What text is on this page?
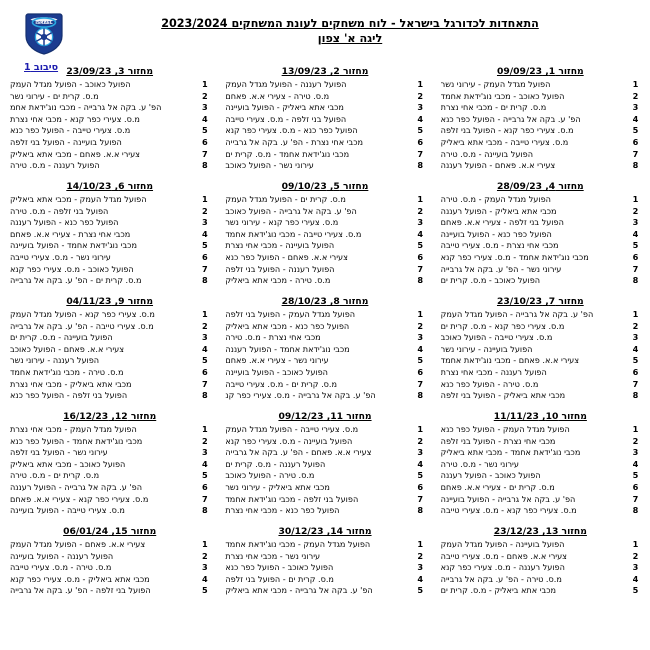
התאחדות לכדורגל בישראל - לוח משחקים לעונת המשחקים 2023/2024
ליגה א' צפון
ISRAEL
סיבוב 1	מחזור 1, 09/09/23
1
הפועל מגדל העמק - עירוני נשר
2
הפועל כאוכב - מכבי נוג'ידאת אחמד
3
מ.ס. קרית ים - מכבי אחי נצרת
4
הפ' ע. בקה אל גרבייה - הפועל כפר כנא
5
מ.ס. צעירי כפר קנא - הפועל בני זלפה
6
מ.ס. צעירי טייבה - מכבי אתא ביאליק
7
הפועל בועיינה - מ.ס. טירה
8
צעירי א.א. פאחם - הפועל רעננה
מחזור 2, 13/09/23
1
הפועל רעננה - הפועל מגדל העמק
2
מ.ס. טירה - צעירי א.א. פאחם
3
מכבי אתא ביאליק - הפועל בועיינה
4
הפועל בני זלפה - מ.ס. צעירי טייבה
5
הפועל כפר כנא - מ.ס. צעירי כפר קנא
6
מכבי אחי נצרת - הפ' ע. בקה אל גרבייה
7
מכבי נוג'ידאת אחמד - מ.ס. קרית ים
8
עירוני נשר - הפועל כאוכב
מחזור 3, 23/09/23
1
הפועל כאוכב - הפועל מגדל העמק
2
מ.ס. קרית ים - עירוני נשר
3
הפ' ע. בקה אל גרבייה - מכבי נוג'ידאת אחמ
4
מ.ס. צעירי כפר קנא - מכבי אחי נצרת
5
מ.ס. צעירי טייבה - הפועל כפר כנא
6
הפועל בועיינה - הפועל בני זלפה
7
צעירי א.א. פאחם - מכבי אתא ביאליק
8
הפועל רעננה - מ.ס. טירה
מחזור 4, 28/09/23
1
הפועל מגדל העמק - מ.ס. טירה
2
מכבי אתא ביאליק - הפועל רעננה
3
הפועל בני זלפה - צעירי א.א. פאחם
4
הפועל כפר כנא - הפועל בועיינה
5
מכבי אחי נצרת - מ.ס. צעירי טייבה
6
מכבי נוג'ידאת אחמד - מ.ס. צעירי כפר קנא
7
עירוני נשר - הפ' ע. בקה אל גרבייה
8
הפועל כאוכב - מ.ס. קרית ים
מחזור 5, 09/10/23
1
מ.ס. קרית ים - הפועל מגדל העמק
2
הפ' ע. בקה אל גרבייה - הפועל כאוכב
3
מ.ס. צעירי כפר קנא - עירוני נשר
4
מ.ס. צעירי טייבה - מכבי נוג'ידאת אחמד
5
הפועל בועיינה - מכבי אחי נצרת
6
צעירי א.א. פאחם - הפועל כפר כנא
7
הפועל רעננה - הפועל בני זלפה
8
מ.ס. טירה - מכבי אתא ביאליק
מחזור 6, 14/10/23
1
הפועל מגדל העמק - מכבי אתא ביאליק
2
הפועל בני זלפה - מ.ס. טירה
3
הפועל כפר כנא - הפועל רעננה
4
מכבי אחי נצרת - צעירי א.א. פאחם
5
מכבי נוג'ידאת אחמד - הפועל בועיינה
6
עירוני נשר - מ.ס. צעירי טייבה
7
הפועל כאוכב - מ.ס. צעירי כפר קנא
8
מ.ס. קרית ים - הפ' ע. בקה אל גרבייה
מחזור 7, 23/10/23
1
הפ' ע. בקה אל גרבייה - הפועל מגדל העמק
2
מ.ס. צעירי כפר קנא - מ.ס. קרית ים
3
מ.ס. צעירי טייבה - הפועל כאוכב
4
הפועל בועיינה - עירוני נשר
5
צעירי א.א. פאחם - מכבי נוג'ידאת אחמד
6
הפועל רעננה - מכבי אחי נצרת
7
מ.ס. טירה - הפועל כפר כנא
8
מכבי אתא ביאליק - הפועל בני זלפה
מחזור 8, 28/10/23
1
הפועל מגדל העמק - הפועל בני זלפה
2
הפועל כפר כנא - מכבי אתא ביאליק
3
מכבי אחי נצרת - מ.ס. טירה
4
מכבי נוג'ידאת אחמד - הפועל רעננה
5
עירוני נשר - צעירי א.א. פאחם
6
הפועל כאוכב - הפועל בועיינה
7
מ.ס. קרית ים - מ.ס. צעירי טייבה
8
הפ' ע. בקה אל גרבייה - מ.ס. צעירי כפר קנ
מחזור 9, 04/11/23
1
מ.ס. צעירי כפר קנא - הפועל מגדל העמק
2
מ.ס. צעירי טייבה - הפ' ע. בקה אל גרבייה
3
הפועל בועיינה - מ.ס. קרית ים
4
צעירי א.א. פאחם - הפועל כאוכב
5
הפועל רעננה - עירוני נשר
6
מ.ס. טירה - מכבי נוג'ידאת אחמד
7
מכבי אתא ביאליק - מכבי אחי נצרת
8
הפועל בני זלפה - הפועל כפר כנא
מחזור 10, 11/11/23
1
הפועל מגדל העמק - הפועל כפר כנא
2
מכבי אחי נצרת - הפועל בני זלפה
3
מכבי נוג'ידאת אחמד - מכבי אתא ביאליק
4
עירוני נשר - מ.ס. טירה
5
הפועל כאוכב - הפועל רעננה
6
מ.ס. קרית ים - צעירי א.א. פאחם
7
הפ' ע. בקה אל גרבייה - הפועל בועיינה
8
מ.ס. צעירי כפר קנא - מ.ס. צעירי טייבה
מחזור 11, 09/12/23
1
מ.ס. צעירי טייבה - הפועל מגדל העמק
2
הפועל בועיינה - מ.ס. צעירי כפר קנא
3
צעירי א.א. פאחם - הפ' ע. בקה אל גרבייה
4
הפועל רעננה - מ.ס. קרית ים
5
מ.ס. טירה - הפועל כאוכב
6
מכבי אתא ביאליק - עירוני נשר
7
הפועל בני זלפה - מכבי נוג'ידאת אחמד
8
הפועל כפר כנא - מכבי אחי נצרת
מחזור 12, 16/12/23
1
הפועל מגדל העמק - מכבי אחי נצרת
2
מכבי נוג'ידאת אחמד - הפועל כפר כנא
3
עירוני נשר - הפועל בני זלפה
4
הפועל כאוכב - מכבי אתא ביאליק
5
מ.ס. קרית ים - מ.ס. טירה
6
הפ' ע. בקה אל גרבייה - הפועל רעננה
7
מ.ס. צעירי כפר קנא - צעירי א.א. פאחם
8
מ.ס. צעירי טייבה - הפועל בועיינה
מחזור 13, 23/12/23
1
הפועל בועיינה - הפועל מגדל העמק
2
צעירי א.א. פאחם - מ.ס. צעירי טייבה
3
הפועל רעננה - מ.ס. צעירי כפר קנא
4
מ.ס. טירה - הפ' ע. בקה אל גרבייה
5
מכבי אתא ביאליק - מ.ס. קרית ים
מחזור 14, 30/12/23
1
הפועל מגדל העמק - מכבי נוג'ידאת אחמד
2
עירוני נשר - מכבי אחי נצרת
3
הפועל כאוכב - הפועל כפר כנא
4
מ.ס. קרית ים - הפועל בני זלפה
5
הפ' ע. בקה אל גרבייה - מכבי אתא ביאליק
מחזור 15, 06/01/24
1
צעירי א.א. פאחם - הפועל מגדל העמק
2
הפועל רעננה - הפועל בועיינה
3
מ.ס. טירה - מ.ס. צעירי טייבה
4
מכבי אתא ביאליק - מ.ס. צעירי כפר קנא
5
הפועל בני זלפה - הפ' ע. בקה אל גרבייה
